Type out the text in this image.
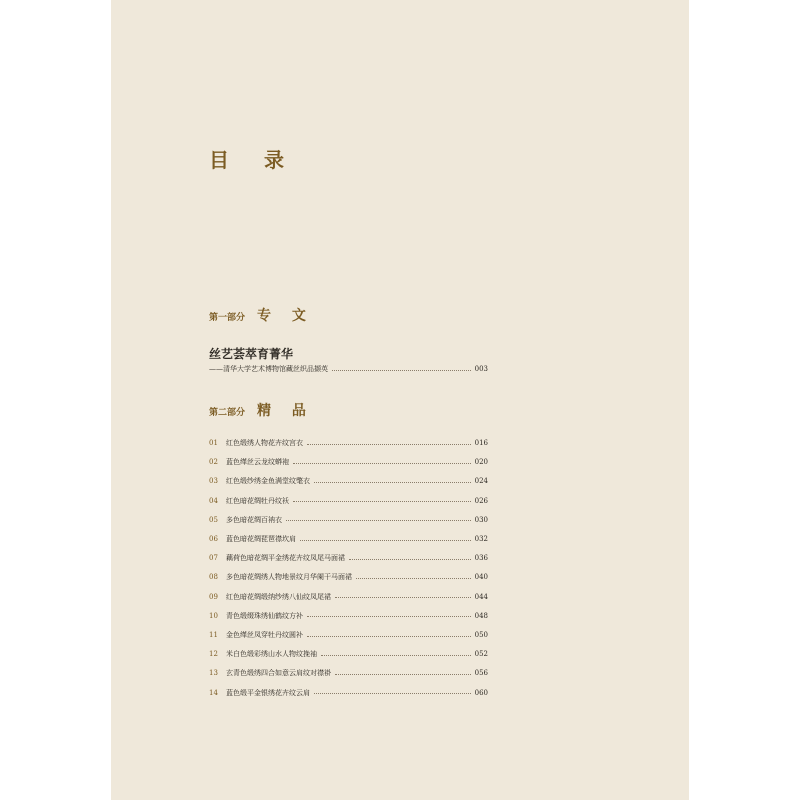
目 录
第一部分 专 文
丝艺荟萃育菁华
——清华大学艺术博物馆藏丝织品撷英	003
第二部分 精 品
01	红色缎绣人物花卉纹宫衣	016
02	蓝色缂丝云龙纹蟒袍	020
03	红色缎纱绣金鱼满堂纹氅衣	024
04	红色暗花绸牡丹纹袄	026
05	多色暗花绸百衲衣	030
06	蓝色暗花绸琵琶襟坎肩	032
07	藕荷色暗花绸平金绣花卉纹凤尾马面裙	036
08	多色暗花绸绣人物地景纹月华阑干马面裙	040
09	红色暗花绸缎纳纱绣八仙纹凤尾裙	044
10	青色缎缀珠绣仙鹤纹方补	048
11	金色缂丝凤穿牡丹纹圆补	050
12	米白色缎彩绣山水人物纹挽袖	052
13	玄青色缎绣四合如意云肩纹对襟褂	056
14	蓝色缎平金银绣花卉纹云肩	060
